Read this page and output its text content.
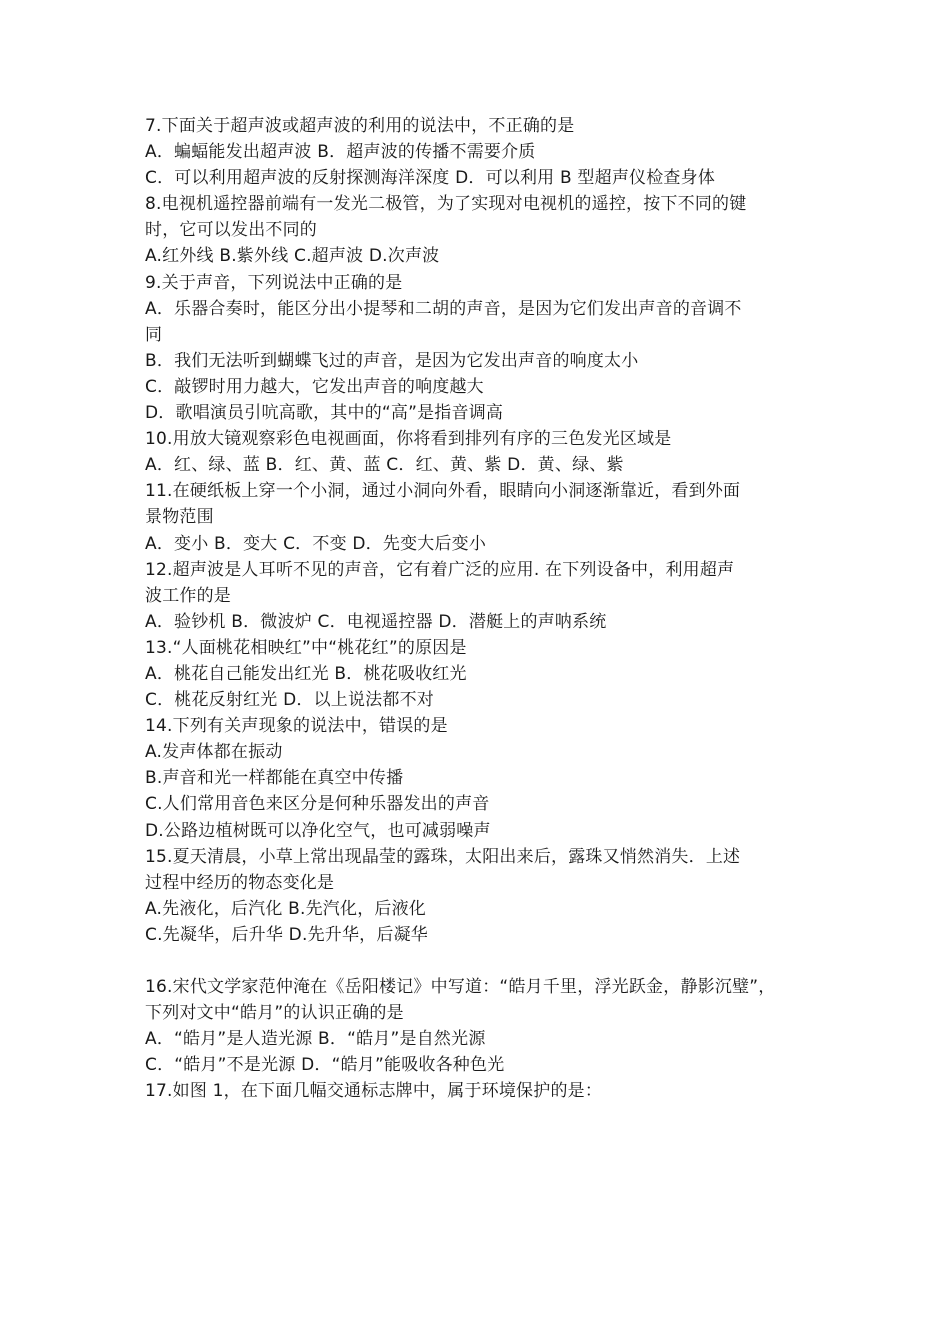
7.下面关于超声波或超声波的利用的说法中，不正确的是
A．蝙蝠能发出超声波 B．超声波的传播不需要介质
C．可以利用超声波的反射探测海洋深度 D．可以利用 B 型超声仪检查身体
8.电视机遥控器前端有一发光二极管，为了实现对电视机的遥控，按下不同的键
时，它可以发出不同的
A.红外线 B.紫外线 C.超声波 D.次声波
9.关于声音，下列说法中正确的是
A．乐器合奏时，能区分出小提琴和二胡的声音，是因为它们发出声音的音调不
同
B．我们无法听到蝴蝶飞过的声音，是因为它发出声音的响度太小
C．敲锣时用力越大，它发出声音的响度越大
D．歌唱演员引吭高歌，其中的“高”是指音调高
10.用放大镜观察彩色电视画面，你将看到排列有序的三色发光区域是
A．红、绿、蓝 B．红、黄、蓝 C．红、黄、紫 D．黄、绿、紫
11.在硬纸板上穿一个小洞，通过小洞向外看，眼睛向小洞逐渐靠近，看到外面
景物范围
A．变小 B．变大 C．不变 D．先变大后变小
12.超声波是人耳听不见的声音，它有着广泛的应用. 在下列设备中，利用超声
波工作的是
A．验钞机 B．微波炉 C．电视遥控器 D．潜艇上的声呐系统
13.“人面桃花相映红”中“桃花红”的原因是
A．桃花自己能发出红光 B．桃花吸收红光
C．桃花反射红光 D．以上说法都不对
14.下列有关声现象的说法中，错误的是
A.发声体都在振动
B.声音和光一样都能在真空中传播
C.人们常用音色来区分是何种乐器发出的声音
D.公路边植树既可以净化空气，也可减弱噪声
15.夏天清晨，小草上常出现晶莹的露珠，太阳出来后，露珠又悄然消失．上述
过程中经历的物态变化是
A.先液化，后汽化 B.先汽化，后液化
C.先凝华，后升华 D.先升华，后凝华
16.宋代文学家范仲淹在《岳阳楼记》中写道：“皓月千里，浮光跃金，静影沉璧”，
下列对文中“皓月”的认识正确的是
A．“皓月”是人造光源 B．“皓月”是自然光源
C．“皓月”不是光源 D．“皓月”能吸收各种色光
17.如图 1，在下面几幅交通标志牌中，属于环境保护的是：
